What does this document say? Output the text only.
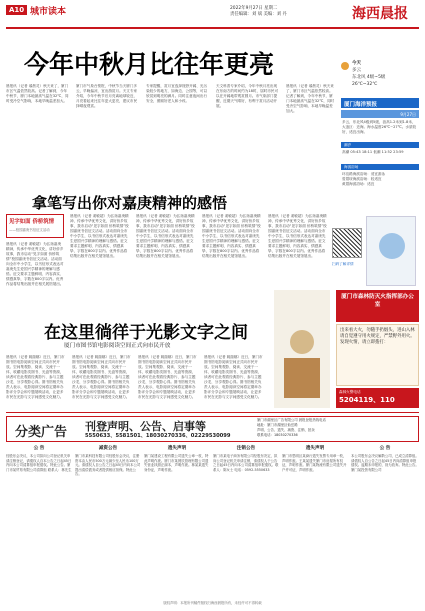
A10 城市读本	2022年9月27日 星期二
责任编辑：刘 斌 美编：刘 丹	海西晨报
今年中秋月比往年更亮
晨报讯（记者 翁晨灵）秋天来了，厦门市区气温依然较高。记者了解到，今年中秋节，厦门本地最高气温在32℃，同时受冷空气影响，本地早晚温差加大。
厦门市气象台预报，中秋节当天厦门多云，早晚偏凉，宜出游赏月。天文专家介绍，今年中秋节后月亮离地球较近，月亮看起来比往年更大更亮，建议市民择晴夜观赏。
专家提醒，赏月宜选择视野开阔、光污染较少的地方，如海边、公园等，可以欣赏到明亮的满月。同时注意夜间出行安全，照顾好老人和小孩。
天文科普专家介绍，今年中秋月亮出现在东南方的时间约为18时，届时市民可以在开阔地带观赏圆月。市气象部门提醒，近期天气晴好，有利于赏月活动开展。
晨报讯（记者 翁晨灵）秋天来了，厦门市区气温依然较高。记者了解到，今年中秋节，厦门本地最高气温在32℃，同时受冷空气影响，本地早晚温差加大。
今天
多云
东北风 4级~5级
26℃~32℃
厦门海洋预报
9月27日
多云，东北风4级到5级，浪高1.2米到1.8米，大浪区：近海。海水温度26℃~27℃。水质较好，适宜出海。
潮汐
高潮 05:43 18:11 低潮 11:52 23:59
海滨浴场
环岛路海滨浴场：适宜游泳
曾厝垵海滨浴场：较适宜
黄厝海滨浴场：适宜
拿笔写出你对嘉庚精神的感悟
见字如面 侨桥筑情
——校园嘉庚书信征文活动
晨报讯（记者 姜敏超）为弘扬嘉庚精神，传承中华优秀文化，讲好侨乡故事，我市启动“见字如面 侨桥筑情”校园嘉庚书信征文活动。活动面向全市中小学生，以书信形式表达对嘉庚先生爱国兴学精神的理解与感悟。征文要求主题鲜明、内容真实、情感真挚，字数在800字以内。优秀作品将结集出版并在相关展馆展出。
晨报讯（记者 姜敏超）为弘扬嘉庚精神，传承中华优秀文化，讲好侨乡故事，我市启动“见字如面 侨桥筑情”校园嘉庚书信征文活动。活动面向全市中小学生，以书信形式表达对嘉庚先生爱国兴学精神的理解与感悟。征文要求主题鲜明、内容真实、情感真挚，字数在800字以内。优秀作品将结集出版并在相关展馆展出。
晨报讯（记者 姜敏超）为弘扬嘉庚精神，传承中华优秀文化，讲好侨乡故事，我市启动“见字如面 侨桥筑情”校园嘉庚书信征文活动。活动面向全市中小学生，以书信形式表达对嘉庚先生爱国兴学精神的理解与感悟。征文要求主题鲜明、内容真实、情感真挚，字数在800字以内。优秀作品将结集出版并在相关展馆展出。
晨报讯（记者 姜敏超）为弘扬嘉庚精神，传承中华优秀文化，讲好侨乡故事，我市启动“见字如面 侨桥筑情”校园嘉庚书信征文活动。活动面向全市中小学生，以书信形式表达对嘉庚先生爱国兴学精神的理解与感悟。征文要求主题鲜明、内容真实、情感真挚，字数在800字以内。优秀作品将结集出版并在相关展馆展出。
晨报讯（记者 姜敏超）为弘扬嘉庚精神，传承中华优秀文化，讲好侨乡故事，我市启动“见字如面 侨桥筑情”校园嘉庚书信征文活动。活动面向全市中小学生，以书信形式表达对嘉庚先生爱国兴学精神的理解与感悟。征文要求主题鲜明、内容真实、情感真挚，字数在800字以内。优秀作品将结集出版并在相关展馆展出。
扫码了解详情
在这里徜徉于光影文字之间
厦门市图书馆电影阅读空间正式向市民开放
晨报讯（记者 姚瑞娜）近日，厦门市图书馆电影阅读空间正式向市民开放。空间集观影、阅读、交流于一体，收藏电影类图书、光盘等资源，读者可在此观看经典影片、参与主题沙龙、分享观影心得。图书馆相关负责人表示，电影阅读空间将定期举办影评分享会和专题展映活动，让更多市民在光影与文字间感受文化魅力。
晨报讯（记者 姚瑞娜）近日，厦门市图书馆电影阅读空间正式向市民开放。空间集观影、阅读、交流于一体，收藏电影类图书、光盘等资源，读者可在此观看经典影片、参与主题沙龙、分享观影心得。图书馆相关负责人表示，电影阅读空间将定期举办影评分享会和专题展映活动，让更多市民在光影与文字间感受文化魅力。
晨报讯（记者 姚瑞娜）近日，厦门市图书馆电影阅读空间正式向市民开放。空间集观影、阅读、交流于一体，收藏电影类图书、光盘等资源，读者可在此观看经典影片、参与主题沙龙、分享观影心得。图书馆相关负责人表示，电影阅读空间将定期举办影评分享会和专题展映活动，让更多市民在光影与文字间感受文化魅力。
晨报讯（记者 姚瑞娜）近日，厦门市图书馆电影阅读空间正式向市民开放。空间集观影、阅读、交流于一体，收藏电影类图书、光盘等资源，读者可在此观看经典影片、参与主题沙龙、分享观影心得。图书馆相关负责人表示，电影阅读空间将定期举办影评分享会和专题展映活动，让更多市民在光影与文字间感受文化魅力。
厦门市森林防灭火指挥部办公室
出来看大火，勿随手扔烟头，进山入林请自觉遵守用火规定，严禁野外用火。发现火情，请立即拨打：
森林火警电话
5204119、110
分类广告 刊登声明、公告、启事等
5550633、5581501、18030270336、02229530099
厦门市湖里区广告有限公司 晨报登报热线电话
地址：厦门市湖里区仙岳路
声明、公告、遗失、减资、注销、拍卖
联系电话：18030270336
公 告
经股东会决议，本公司拟向公司登记机关申请注销登记，请债权人自本公告之日起45日内向本公司清算组申报债权。特此公告。厦门市某贸易有限公司清算组 联系人：林先生
减资公告
厦门市某科技有限公司经股东会决议，注册资本由人民币500万元减少至人民币100万元。请债权人自公告之日起45日内向本公司提出清偿债务或者提供相应担保。特此公告。
遗失声明
厦门某建设工程有限公司遗失公章一枚，特此声明作废。厦门市某餐饮管理有限公司遗失营业执照正副本，声明作废。林某某遗失身份证，声明作废。
注销公告
厦门市某电子商务有限公司经股东决定，拟向公司登记机关申请注销，请债权人于公告之日起45日内向本公司清算组申报债权。联系人：陈女士 电话：0592-5550633
遗失声明
厦门市思明区某商行遗失发票专用章一枚，声明作废。王某某遗失厦门市房屋所有权证，声明作废。厦门某物流有限公司遗失开户许可证，声明作废。
公 告
本公司股东会决议解散公司，已成立清算组。请债权人自公告之日起45日内向清算组申报债权。逾期未申报的，视为放弃。特此公告。厦门某投资有限公司
版权声明：本报所刊稿件版权归海西晨报所有，未经许可不得转载
